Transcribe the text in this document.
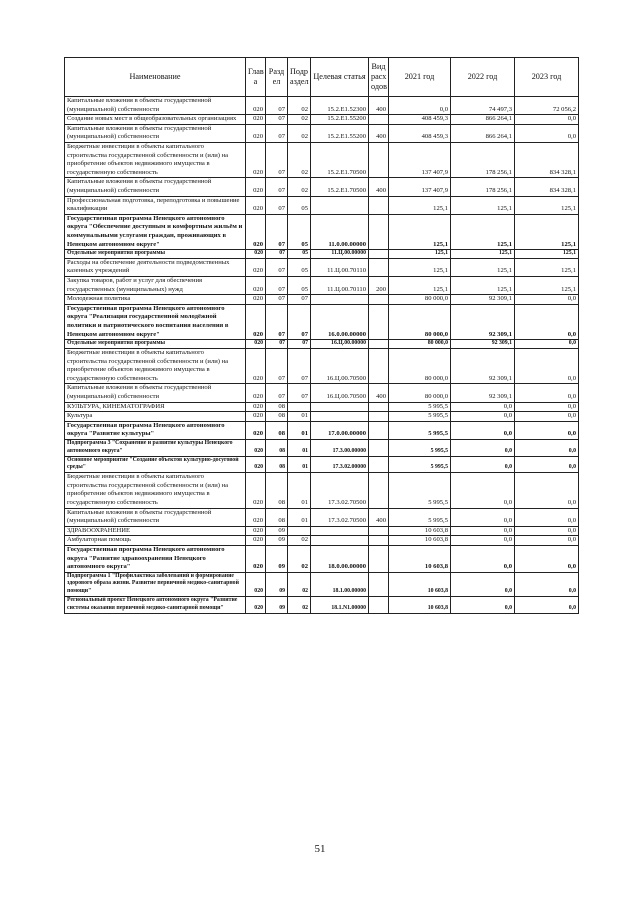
Наименование	Глав а	Разд ел	Подр аздел	Целевая статья	Вид расх одов	2021 год	2022 год	2023 год
Капитальные вложения в объекты государственной (муниципальной) собственности	020	07	02	15.2.Е1.52300	400	0,0	74 497,3	72 056,2
Создание новых мест в общеобразовательных организациях	020	07	02	15.2.Е1.55200		408 459,3	866 264,1	0,0
Капитальные вложения в объекты государственной (муниципальной) собственности	020	07	02	15.2.Е1.55200	400	408 459,3	866 264,1	0,0
Бюджетные инвестиции в объекты капитального строительства государственной собственности и (или) на приобретение объектов недвижимого имущества в государственную собственность	020	07	02	15.2.Е1.70500		137 407,9	178 256,1	834 328,1
Капитальные вложения в объекты государственной (муниципальной) собственности	020	07	02	15.2.Е1.70500	400	137 407,9	178 256,1	834 328,1
Профессиональная подготовка, переподготовка и повышение квалификации	020	07	05			125,1	125,1	125,1
Государственная программа Ненецкого автономного округа "Обеспечение доступным и комфортным жильём и коммунальными услугами граждан, проживающих в Ненецком автономном округе"	020	07	05	11.0.00.00000		125,1	125,1	125,1
Отдельные мероприятия программы	020	07	05	11.Ц.00.00000		125,1	125,1	125,1
Расходы на обеспечение деятельности подведомственных казенных учреждений	020	07	05	11.Ц.00.70110		125,1	125,1	125,1
Закупка товаров, работ и услуг для обеспечения государственных (муниципальных) нужд	020	07	05	11.Ц.00.70110	200	125,1	125,1	125,1
Молодежная политика	020	07	07			80 000,0	92 309,1	0,0
Государственная программа Ненецкого автономного округа "Реализация государственной молодёжной политики и патриотического воспитания населения в Ненецком автономном округе"	020	07	07	16.0.00.00000		80 000,0	92 309,1	0,0
Отдельные мероприятия программы	020	07	07	16.Ц.00.00000		80 000,0	92 309,1	0,0
Бюджетные инвестиции в объекты капитального строительства государственной собственности и (или) на приобретение объектов недвижимого имущества в государственную собственность	020	07	07	16.Ц.00.70500		80 000,0	92 309,1	0,0
Капитальные вложения в объекты государственной (муниципальной) собственности	020	07	07	16.Ц.00.70500	400	80 000,0	92 309,1	0,0
КУЛЬТУРА, КИНЕМАТОГРАФИЯ	020	08				5 995,5	0,0	0,0
Культура	020	08	01			5 995,5	0,0	0,0
Государственная программа Ненецкого автономного округа "Развитие культуры"	020	08	01	17.0.00.00000		5 995,5	0,0	0,0
Подпрограмма 3 "Сохранение и развитие культуры Ненецкого автономного округа"	020	08	01	17.3.00.00000		5 995,5	0,0	0,0
Основное мероприятие "Создание объектов культурно-досуговой среды"	020	08	01	17.3.02.00000		5 995,5	0,0	0,0
Бюджетные инвестиции в объекты капитального строительства государственной собственности и (или) на приобретение объектов недвижимого имущества в государственную собственность	020	08	01	17.3.02.70500		5 995,5	0,0	0,0
Капитальные вложения в объекты государственной (муниципальной) собственности	020	08	01	17.3.02.70500	400	5 995,5	0,0	0,0
ЗДРАВООХРАНЕНИЕ	020	09				10 603,8	0,0	0,0
Амбулаторная помощь	020	09	02			10 603,8	0,0	0,0
Государственная программа Ненецкого автономного округа "Развитие здравоохранения Ненецкого автономного округа"	020	09	02	18.0.00.00000		10 603,8	0,0	0,0
Подпрограмма 1 "Профилактика заболеваний и формирование здорового образа жизни. Развитие первичной медико-санитарной помощи"	020	09	02	18.1.00.00000		10 603,8	0,0	0,0
Региональный проект Ненецкого автономного округа "Развитие системы оказания первичной медико-санитарной помощи"	020	09	02	18.1.N1.00000		10 603,8	0,0	0,0
51
